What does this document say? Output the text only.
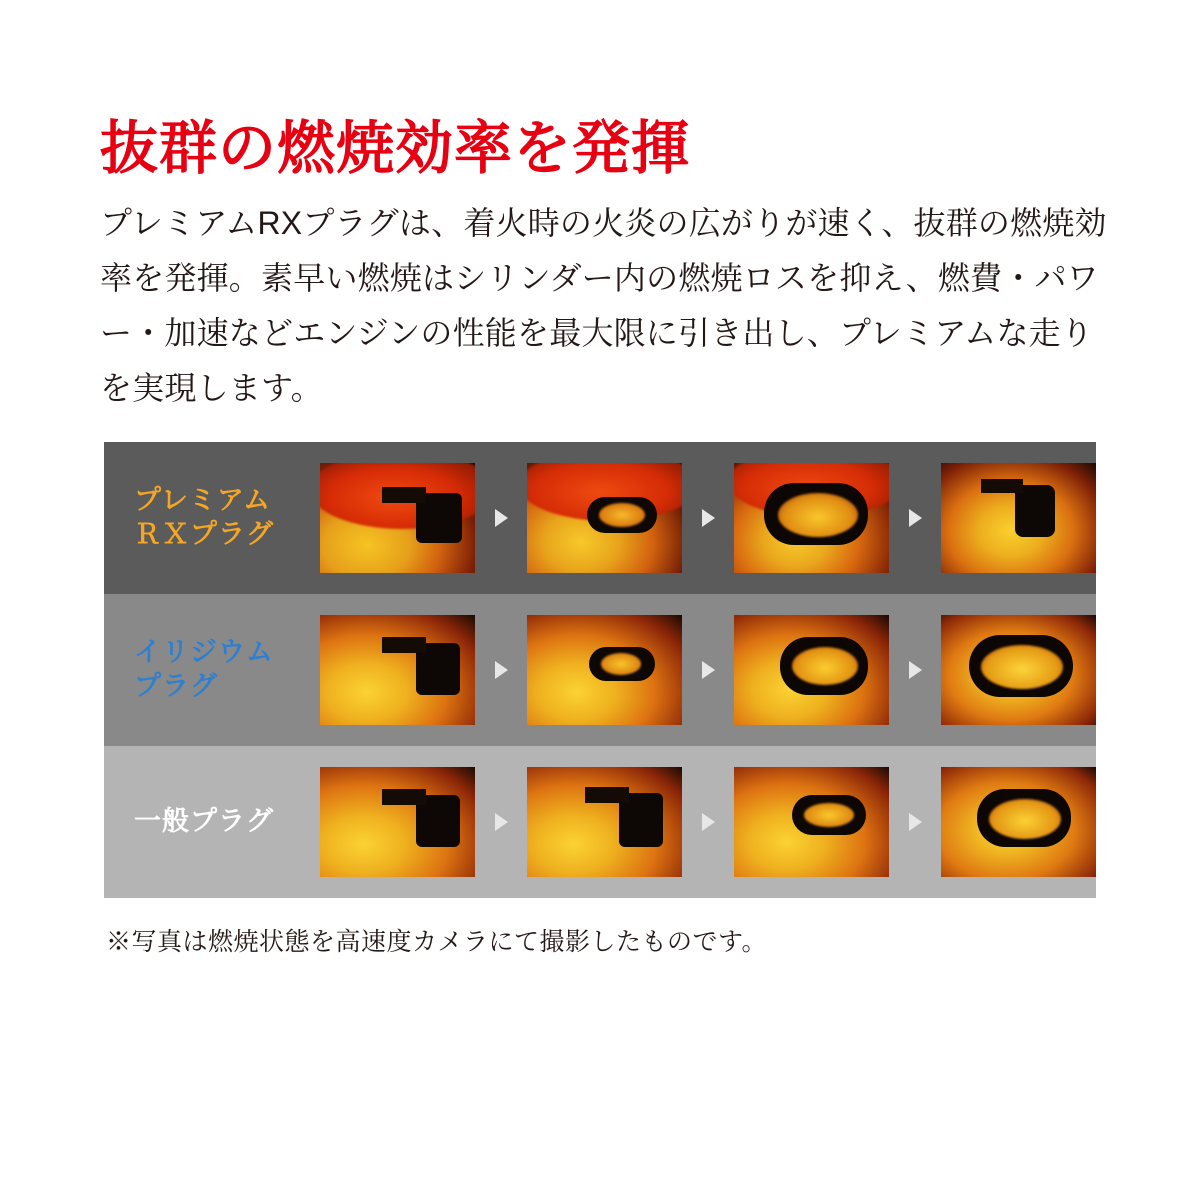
抜群の燃焼効率を発揮

プレミアムRXプラグは、着火時の火炎の広がりが速く、抜群の燃焼効率を発揮。素早い燃焼はシリンダー内の燃焼ロスを抑え、燃費・パワー・加速などエンジンの性能を最大限に引き出し、プレミアムな走りを実現します。

プレミアム
ＲＸプラグ
イリジウム
プラグ
一般プラグ
※写真は燃焼状態を高速度カメラにて撮影したものです。
